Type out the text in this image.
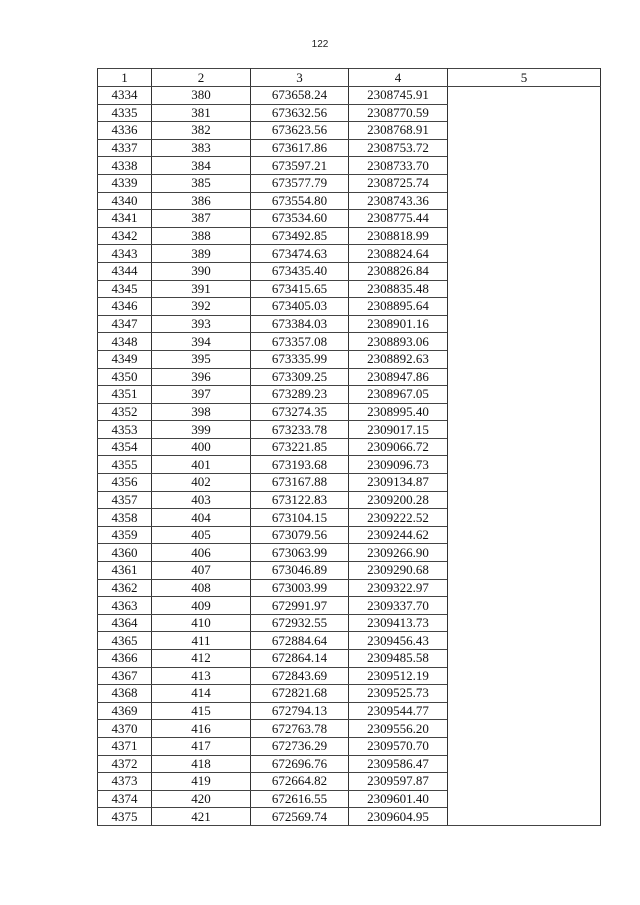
122
1	2	3	4	5
4334	380	673658.24	2308745.91	
4335	381	673632.56	2308770.59	
4336	382	673623.56	2308768.91	
4337	383	673617.86	2308753.72	
4338	384	673597.21	2308733.70	
4339	385	673577.79	2308725.74	
4340	386	673554.80	2308743.36	
4341	387	673534.60	2308775.44	
4342	388	673492.85	2308818.99	
4343	389	673474.63	2308824.64	
4344	390	673435.40	2308826.84	
4345	391	673415.65	2308835.48	
4346	392	673405.03	2308895.64	
4347	393	673384.03	2308901.16	
4348	394	673357.08	2308893.06	
4349	395	673335.99	2308892.63	
4350	396	673309.25	2308947.86	
4351	397	673289.23	2308967.05	
4352	398	673274.35	2308995.40	
4353	399	673233.78	2309017.15	
4354	400	673221.85	2309066.72	
4355	401	673193.68	2309096.73	
4356	402	673167.88	2309134.87	
4357	403	673122.83	2309200.28	
4358	404	673104.15	2309222.52	
4359	405	673079.56	2309244.62	
4360	406	673063.99	2309266.90	
4361	407	673046.89	2309290.68	
4362	408	673003.99	2309322.97	
4363	409	672991.97	2309337.70	
4364	410	672932.55	2309413.73	
4365	411	672884.64	2309456.43	
4366	412	672864.14	2309485.58	
4367	413	672843.69	2309512.19	
4368	414	672821.68	2309525.73	
4369	415	672794.13	2309544.77	
4370	416	672763.78	2309556.20	
4371	417	672736.29	2309570.70	
4372	418	672696.76	2309586.47	
4373	419	672664.82	2309597.87	
4374	420	672616.55	2309601.40	
4375	421	672569.74	2309604.95	
